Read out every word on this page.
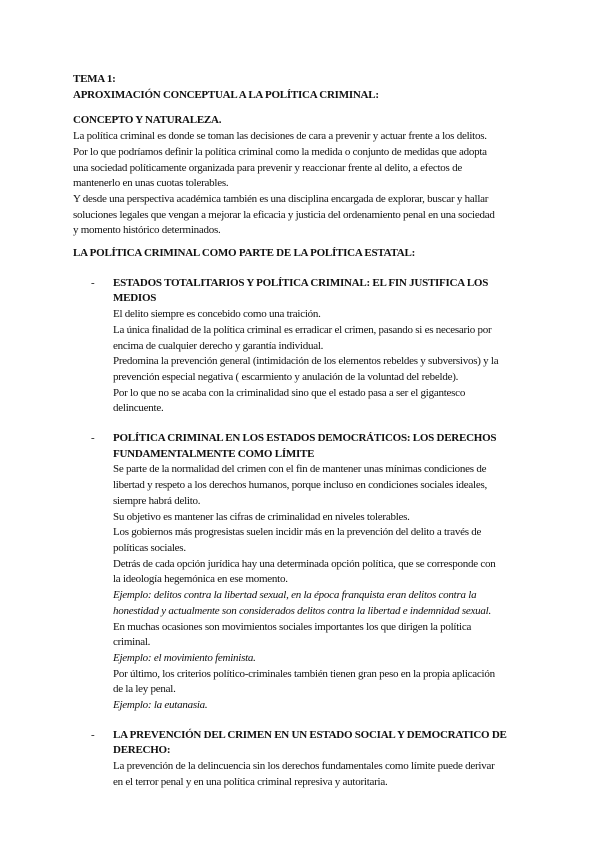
TEMA 1:
APROXIMACIÓN CONCEPTUAL A LA POLÍTICA CRIMINAL:
CONCEPTO Y NATURALEZA.
La política criminal es donde se toman las decisiones de cara a prevenir y actuar frente a los delitos.
Por lo que podríamos definir la política criminal como la medida o conjunto de medidas que adopta
una sociedad políticamente organizada para prevenir y reaccionar frente al delito, a efectos de
mantenerlo en unas cuotas tolerables.
Y desde una perspectiva académica también es una disciplina encargada de explorar, buscar y hallar
soluciones legales que vengan a mejorar la eficacia y justicia del ordenamiento penal en una sociedad
y momento histórico determinados.
LA POLÍTICA CRIMINAL COMO PARTE DE LA POLÍTICA ESTATAL:
- ESTADOS TOTALITARIOS Y POLÍTICA CRIMINAL: EL FIN JUSTIFICA LOS
MEDIOS
El delito siempre es concebido como una traición.
La única finalidad de la política criminal es erradicar el crimen, pasando si es necesario por
encima de cualquier derecho y garantía individual.
Predomina la prevención general (intimidación de los elementos rebeldes y subversivos) y la
prevención especial negativa ( escarmiento y anulación de la voluntad del rebelde).
Por lo que no se acaba con la criminalidad sino que el estado pasa a ser el gigantesco
delincuente.
- POLÍTICA CRIMINAL EN LOS ESTADOS DEMOCRÁTICOS: LOS DERECHOS
FUNDAMENTALMENTE COMO LÍMITE
Se parte de la normalidad del crimen con el fin de mantener unas mínimas condiciones de
libertad y respeto a los derechos humanos, porque incluso en condiciones sociales ideales,
siempre habrá delito.
Su objetivo es mantener las cifras de criminalidad en niveles tolerables.
Los gobiernos más progresistas suelen incidir más en la prevención del delito a través de
políticas sociales.
Detrás de cada opción jurídica hay una determinada opción política, que se corresponde con
la ideología hegemónica en ese momento.
Ejemplo: delitos contra la libertad sexual, en la época franquista eran delitos contra la
honestidad y actualmente son considerados delitos contra la libertad e indemnidad sexual.
En muchas ocasiones son movimientos sociales importantes los que dirigen la política
criminal.
Ejemplo: el movimiento feminista.
Por último, los criterios político-criminales también tienen gran peso en la propia aplicación
de la ley penal.
Ejemplo: la eutanasia.
- LA PREVENCIÓN DEL CRIMEN EN UN ESTADO SOCIAL Y DEMOCRATICO DE
DERECHO:
La prevención de la delincuencia sin los derechos fundamentales como límite puede derivar
en el terror penal y en una política criminal represiva y autoritaria.
